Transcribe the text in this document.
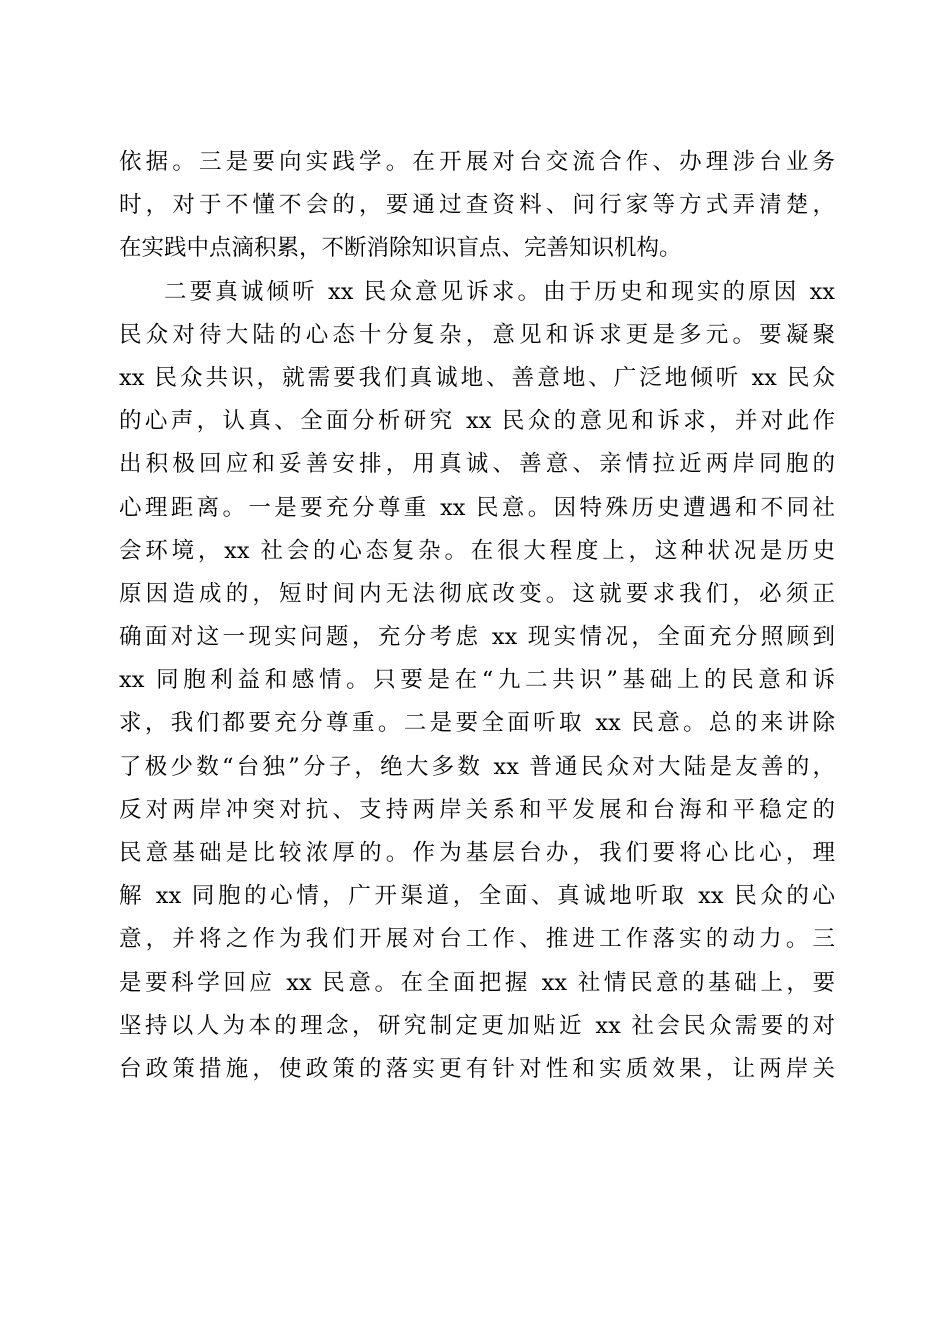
依据。三是要向实践学。在开展对台交流合作、办理涉台业务
时，对于不懂不会的，要通过查资料、问行家等方式弄清楚，
在实践中点滴积累，不断消除知识盲点、完善知识机构。
二要真诚倾听 xx 民众意见诉求。由于历史和现实的原因 xx
民众对待大陆的心态十分复杂，意见和诉求更是多元。要凝聚
xx 民众共识，就需要我们真诚地、善意地、广泛地倾听 xx 民众
的心声，认真、全面分析研究 xx 民众的意见和诉求，并对此作
出积极回应和妥善安排，用真诚、善意、亲情拉近两岸同胞的
心理距离。一是要充分尊重 xx 民意。因特殊历史遭遇和不同社
会环境，xx 社会的心态复杂。在很大程度上，这种状况是历史
原因造成的，短时间内无法彻底改变。这就要求我们，必须正
确面对这一现实问题，充分考虑 xx 现实情况，全面充分照顾到
xx 同胞利益和感情。只要是在“九二共识”基础上的民意和诉
求，我们都要充分尊重。二是要全面听取 xx 民意。总的来讲除
了极少数“台独”分子，绝大多数 xx 普通民众对大陆是友善的，
反对两岸冲突对抗、支持两岸关系和平发展和台海和平稳定的
民意基础是比较浓厚的。作为基层台办，我们要将心比心，理
解 xx 同胞的心情，广开渠道，全面、真诚地听取 xx 民众的心
意，并将之作为我们开展对台工作、推进工作落实的动力。三
是要科学回应 xx 民意。在全面把握 xx 社情民意的基础上，要
坚持以人为本的理念，研究制定更加贴近 xx 社会民众需要的对
台政策措施，使政策的落实更有针对性和实质效果，让两岸关
